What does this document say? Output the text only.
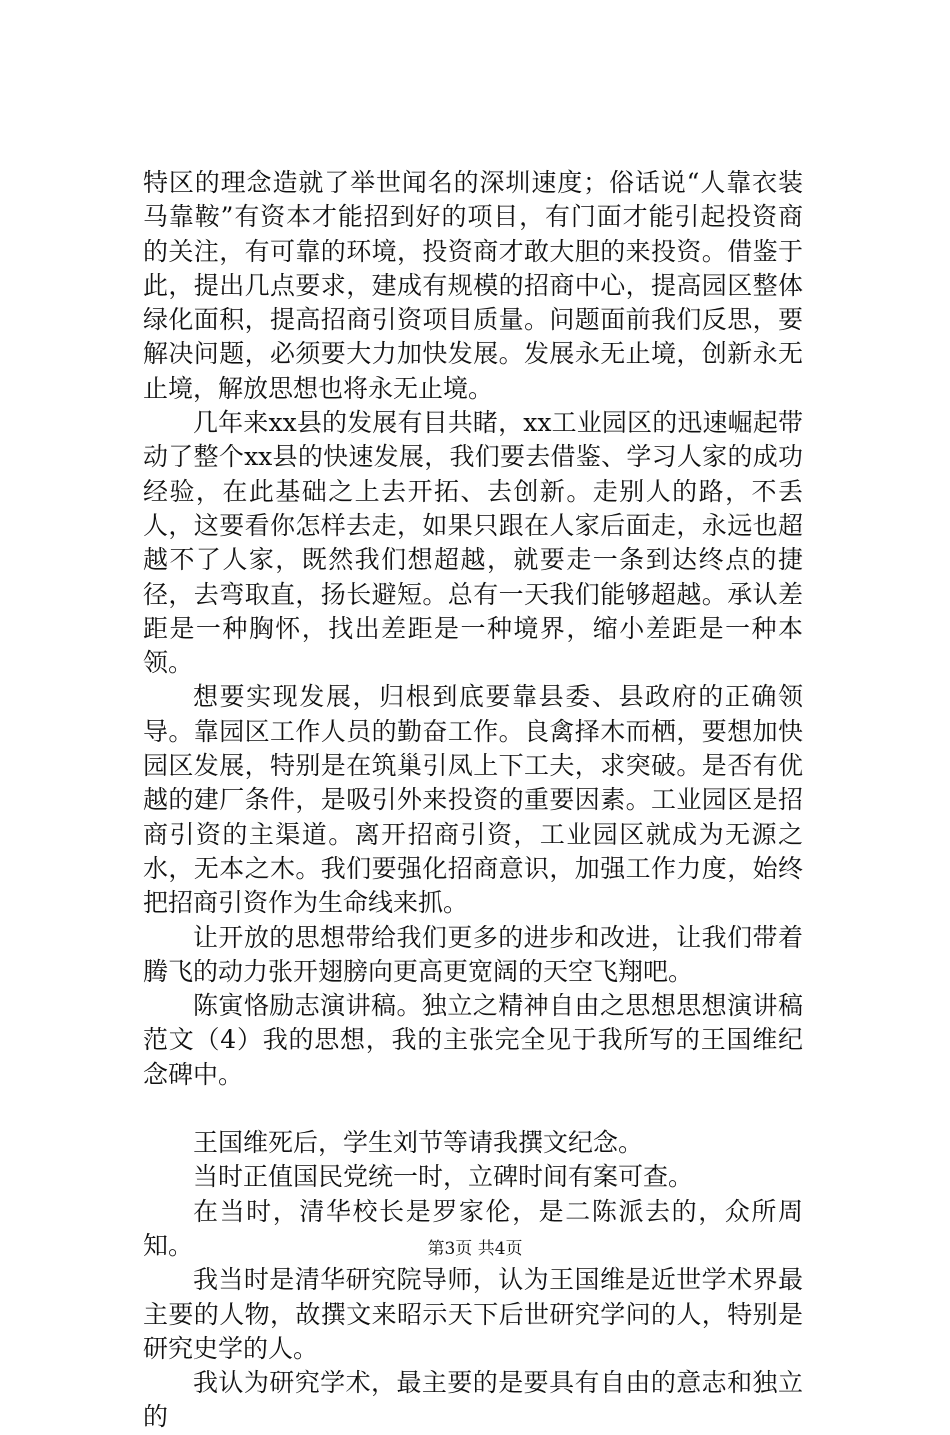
特区的理念造就了举世闻名的深圳速度；俗话说“人靠衣装马靠鞍”有资本才能招到好的项目，有门面才能引起投资商的关注，有可靠的环境，投资商才敢大胆的来投资。借鉴于此，提出几点要求，建成有规模的招商中心，提高园区整体绿化面积，提高招商引资项目质量。问题面前我们反思，要解决问题，必须要大力加快发展。发展永无止境，创新永无止境，解放思想也将永无止境。

几年来xx县的发展有目共睹，xx工业园区的迅速崛起带动了整个xx县的快速发展，我们要去借鉴、学习人家的成功经验，在此基础之上去开拓、去创新。走别人的路，不丢人，这要看你怎样去走，如果只跟在人家后面走，永远也超越不了人家，既然我们想超越，就要走一条到达终点的捷径，去弯取直，扬长避短。总有一天我们能够超越。承认差距是一种胸怀，找出差距是一种境界，缩小差距是一种本领。

想要实现发展，归根到底要靠县委、县政府的正确领导。靠园区工作人员的勤奋工作。良禽择木而栖，要想加快园区发展，特别是在筑巢引凤上下工夫，求突破。是否有优越的建厂条件，是吸引外来投资的重要因素。工业园区是招商引资的主渠道。离开招商引资，工业园区就成为无源之水，无本之木。我们要强化招商意识，加强工作力度，始终把招商引资作为生命线来抓。

让开放的思想带给我们更多的进步和改进，让我们带着腾飞的动力张开翅膀向更高更宽阔的天空飞翔吧。

陈寅恪励志演讲稿。独立之精神自由之思想思想演讲稿范文（4）我的思想，我的主张完全见于我所写的王国维纪念碑中。

王国维死后，学生刘节等请我撰文纪念。

当时正值国民党统一时，立碑时间有案可查。

在当时，清华校长是罗家伦，是二陈派去的，众所周知。

我当时是清华研究院导师，认为王国维是近世学术界最主要的人物，故撰文来昭示天下后世研究学问的人，特别是研究史学的人。

我认为研究学术，最主要的是要具有自由的意志和独立的

第3页 共4页
